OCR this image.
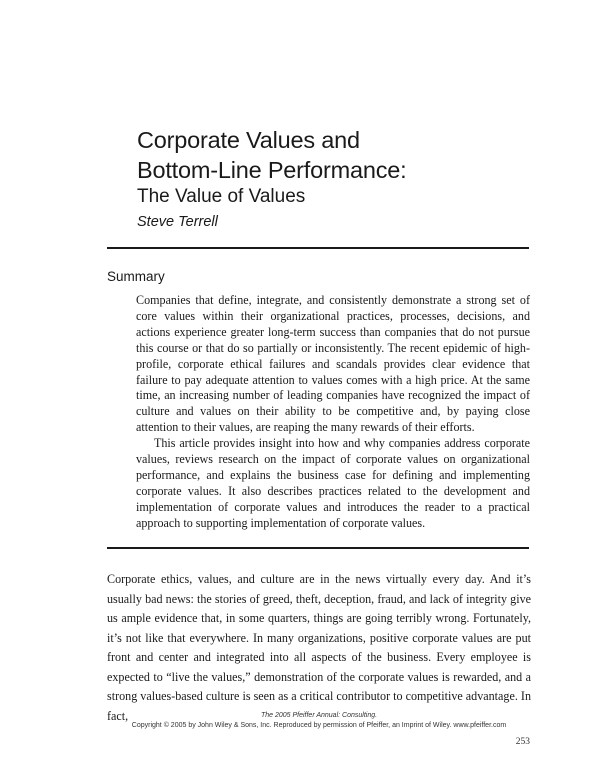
Corporate Values and
Bottom-Line Performance:
The Value of Values
Steve Terrell
Summary

Companies that define, integrate, and consistently demonstrate a strong set of core values within their organizational practices, processes, decisions, and actions experience greater long-term success than companies that do not pursue this course or that do so partially or inconsistently. The recent epidemic of high-profile, corporate ethical failures and scandals provides clear evidence that failure to pay adequate attention to values comes with a high price. At the same time, an increasing number of leading companies have recognized the impact of culture and values on their ability to be competitive and, by paying close attention to their values, are reaping the many rewards of their efforts.

This article provides insight into how and why companies address corporate values, reviews research on the impact of corporate values on organizational performance, and explains the business case for defining and implementing corporate values. It also describes practices related to the development and implementation of corporate values and introduces the reader to a practical approach to supporting implementation of corporate values.

Corporate ethics, values, and culture are in the news virtually every day. And it’s usually bad news: the stories of greed, theft, deception, fraud, and lack of integrity give us ample evidence that, in some quarters, things are going terribly wrong. Fortunately, it’s not like that everywhere. In many organizations, positive corporate values are put front and center and integrated into all aspects of the business. Every employee is expected to “live the values,” demonstration of the corporate values is rewarded, and a strong values-based culture is seen as a critical contributor to competitive advantage. In fact,	The 2005 Pfeiffer Annual: Consulting.
Copyright © 2005 by John Wiley & Sons, Inc. Reproduced by permission of Pfeiffer, an Imprint of Wiley. www.pfeiffer.com
253
